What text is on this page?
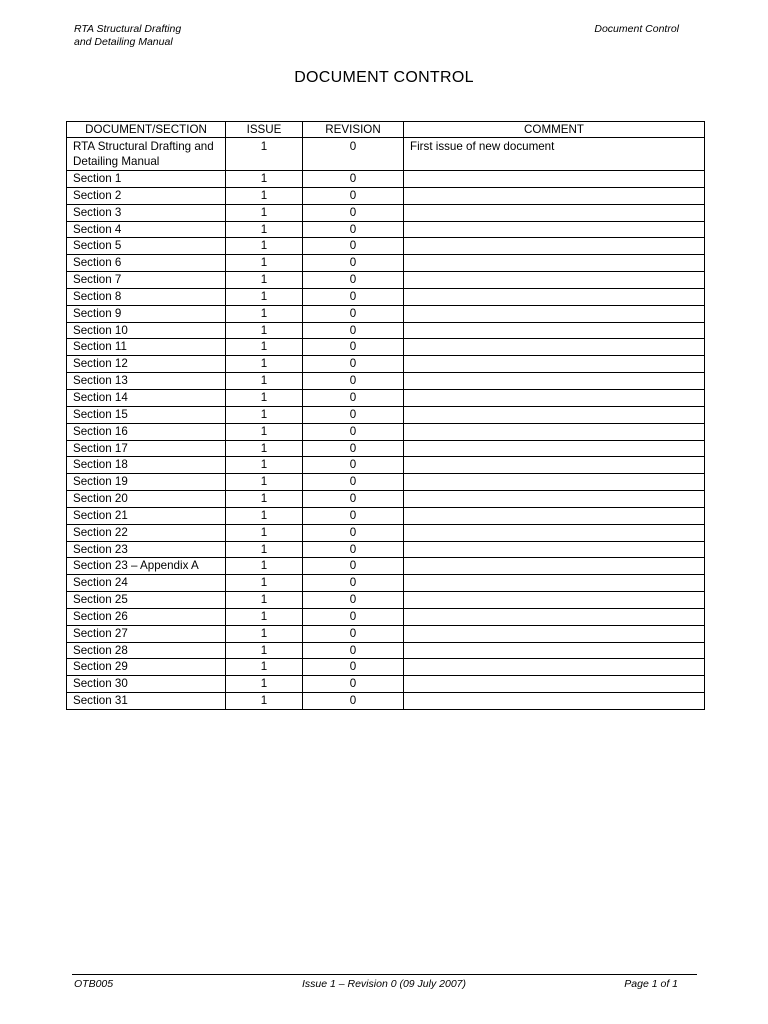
RTA Structural Drafting
and Detailing Manual
Document Control
DOCUMENT CONTROL
DOCUMENT/SECTION	ISSUE	REVISION	COMMENT
RTA Structural Drafting and Detailing Manual	1	0	First issue of new document
Section 1	1	0	
Section 2	1	0	
Section 3	1	0	
Section 4	1	0	
Section 5	1	0	
Section 6	1	0	
Section 7	1	0	
Section 8	1	0	
Section 9	1	0	
Section 10	1	0	
Section 11	1	0	
Section 12	1	0	
Section 13	1	0	
Section 14	1	0	
Section 15	1	0	
Section 16	1	0	
Section 17	1	0	
Section 18	1	0	
Section 19	1	0	
Section 20	1	0	
Section 21	1	0	
Section 22	1	0	
Section 23	1	0	
Section 23 – Appendix A	1	0	
Section 24	1	0	
Section 25	1	0	
Section 26	1	0	
Section 27	1	0	
Section 28	1	0	
Section 29	1	0	
Section 30	1	0	
Section 31	1	0	
OTB005	Issue 1 – Revision 0 (09 July 2007)	Page 1 of 1
